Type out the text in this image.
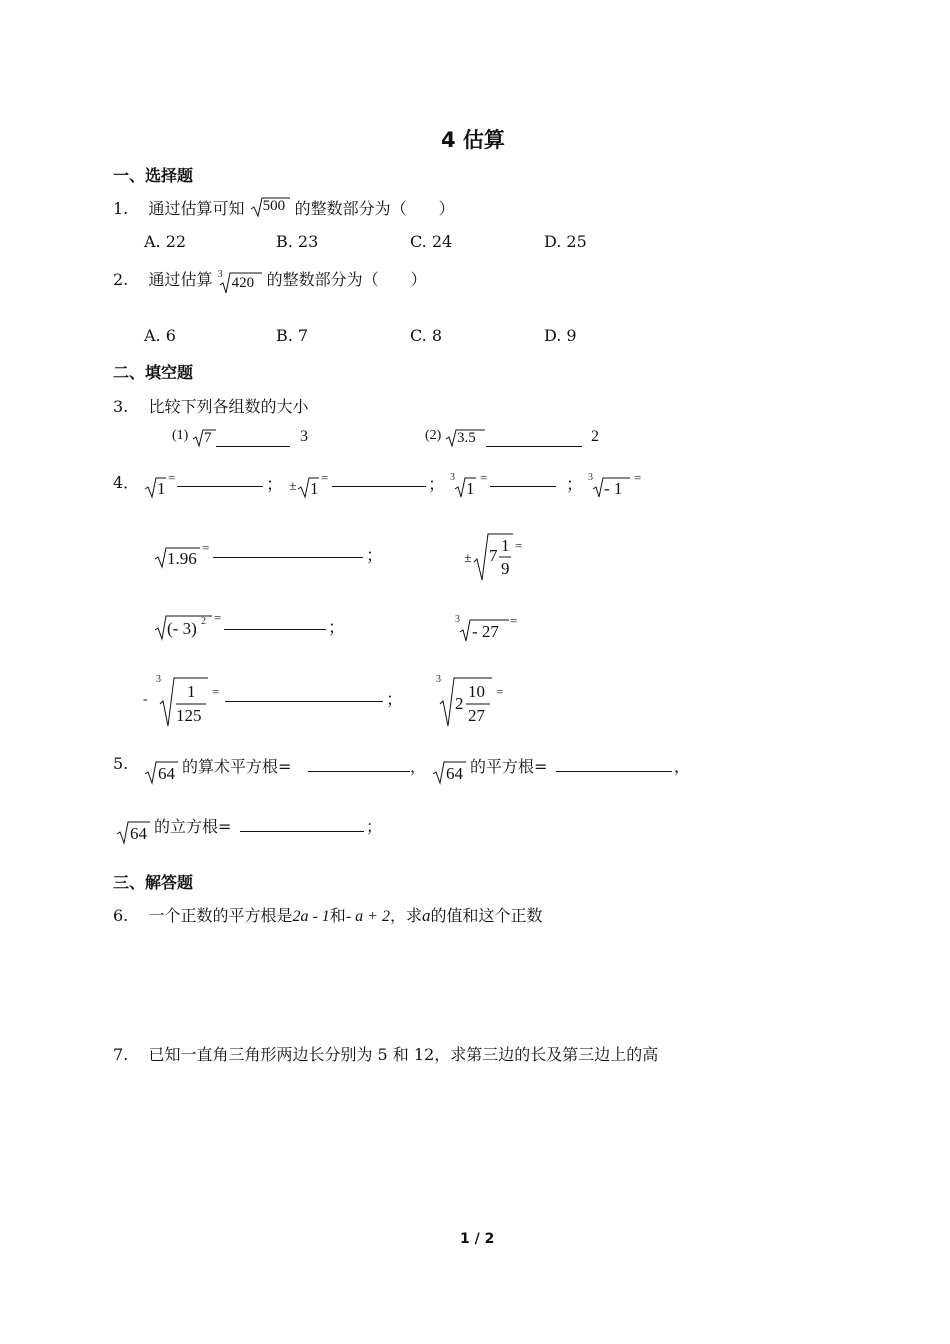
4 估算
一、选择题
1. 通过估算可知 500 的整数部分为（　　）
A. 22	B. 23	C. 24	D. 25
2. 通过估算 3
420 的整数部分为（　　）
A. 6	B. 7	C. 8	D. 9
二、填空题
3. 比较下列各组数的大小
(1) 7	3	(2) 3.5	2
4． 1
=	； ± 1
=	； 3
1
=	； 3
- 1
=
1.96
=	；	± 7
1
9
=
(- 3) 2 =
；	3
- 27
=
-
3
1
125
=	；
3
2
10
27
=
5.
64 的算术平方根=	， 64 的平方根=	，
64 的立方根=	；
三、解答题
6. 一个正数的平方根是2a - 1和- a + 2，求a的值和这个正数
7. 已知一直角三角形两边长分别为 5 和 12，求第三边的长及第三边上的高
1 / 2
